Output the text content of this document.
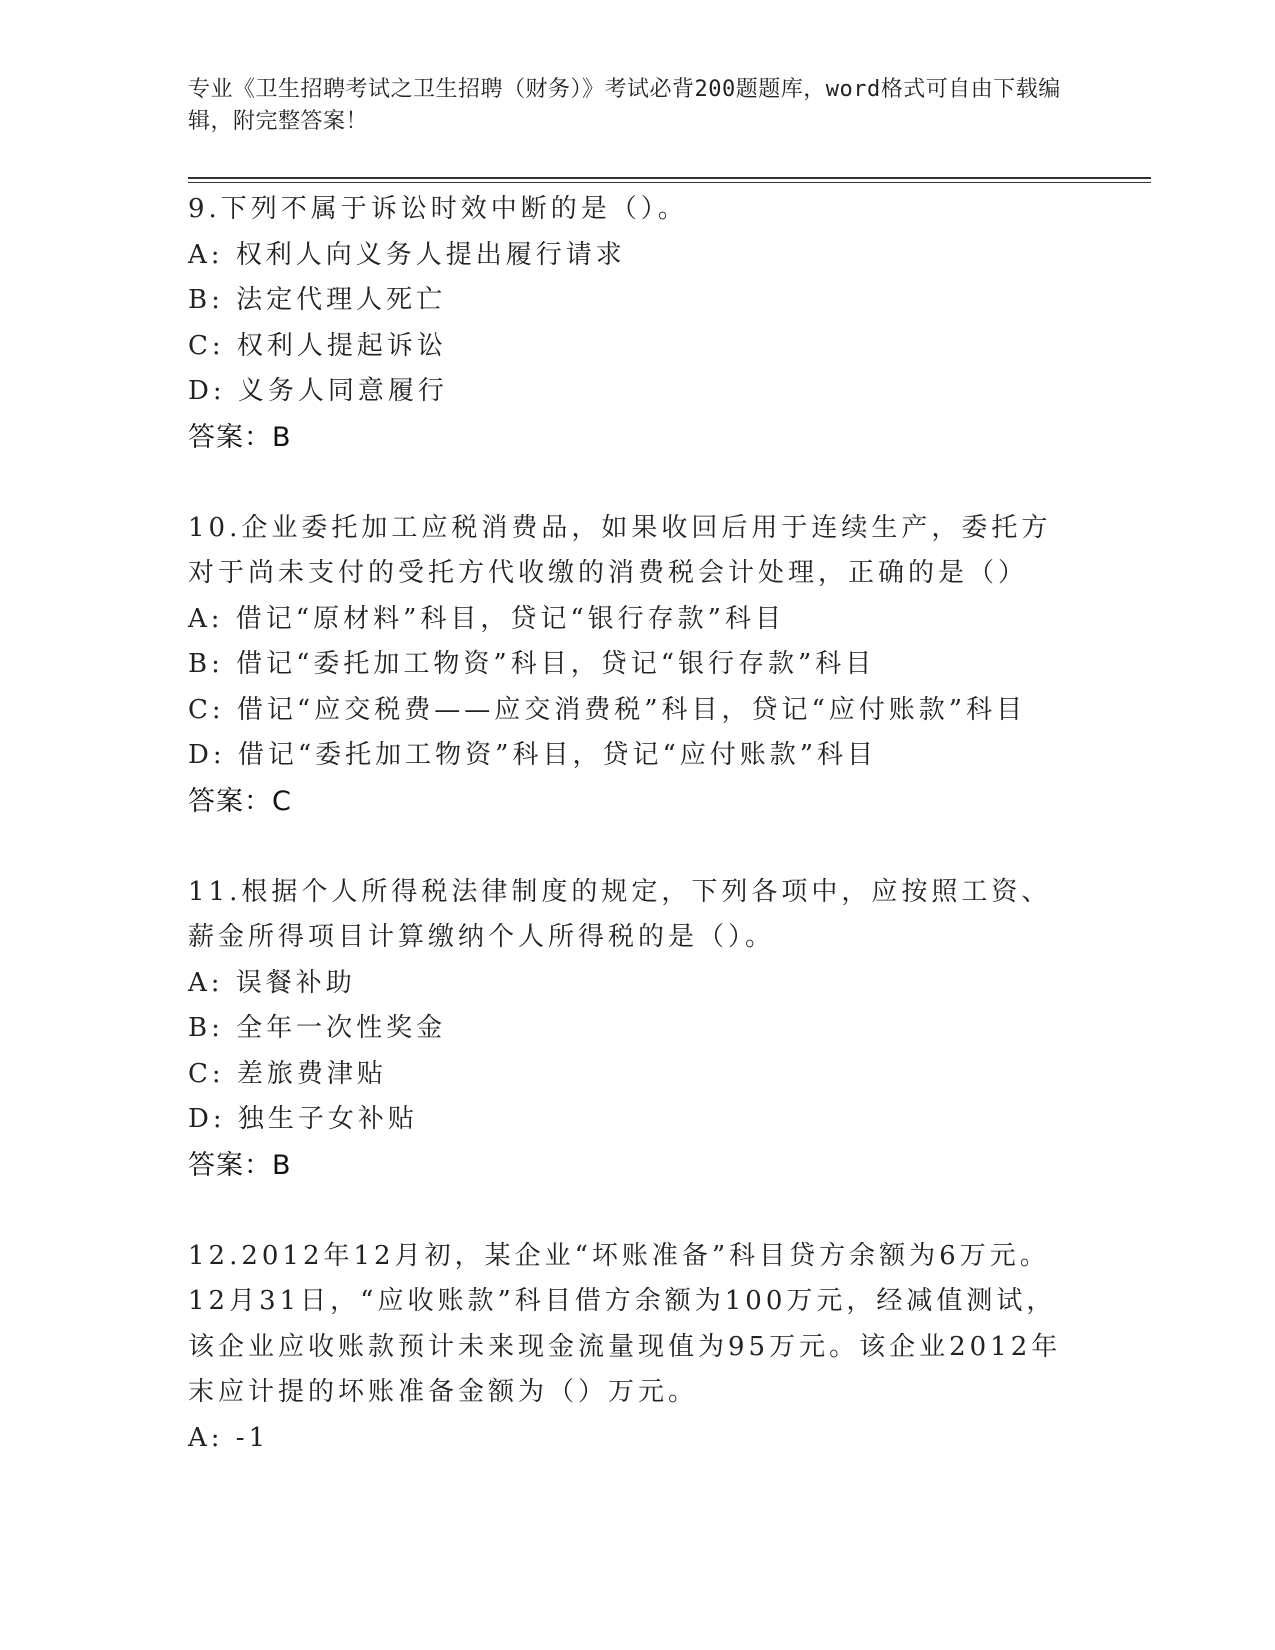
专业《卫生招聘考试之卫生招聘（财务）》考试必背200题题库，word格式可自由下载编辑，附完整答案！
9.下列不属于诉讼时效中断的是（）。
A: 权利人向义务人提出履行请求
B: 法定代理人死亡
C: 权利人提起诉讼
D: 义务人同意履行
答案：B
10.企业委托加工应税消费品，如果收回后用于连续生产，委托方对于尚未支付的受托方代收缴的消费税会计处理，正确的是（）
A: 借记“原材料”科目，贷记“银行存款”科目
B: 借记“委托加工物资”科目，贷记“银行存款”科目
C: 借记“应交税费——应交消费税”科目，贷记“应付账款”科目
D: 借记“委托加工物资”科目，贷记“应付账款”科目
答案：C
11.根据个人所得税法律制度的规定，下列各项中，应按照工资、薪金所得项目计算缴纳个人所得税的是（）。
A: 误餐补助
B: 全年一次性奖金
C: 差旅费津贴
D: 独生子女补贴
答案：B
12.2012年12月初，某企业“坏账准备”科目贷方余额为6万元。12月31日，“应收账款”科目借方余额为100万元，经减值测试，该企业应收账款预计未来现金流量现值为95万元。该企业2012年末应计提的坏账准备金额为（）万元。
A: -1
